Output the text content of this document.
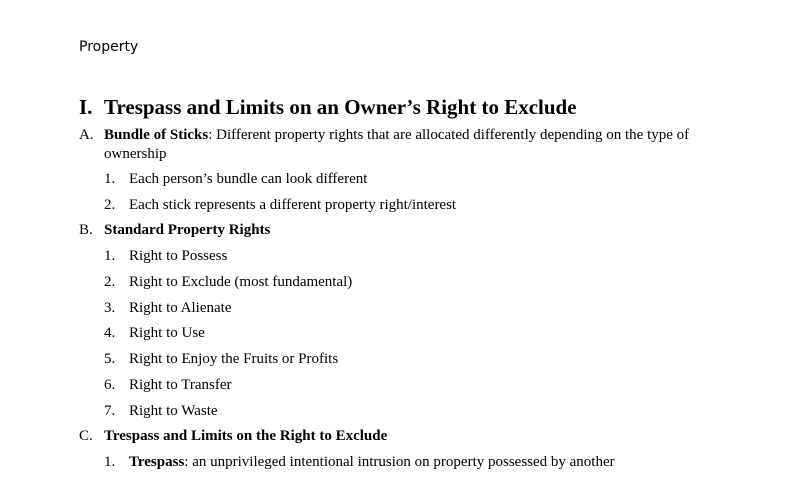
Property
I. Trespass and Limits on an Owner’s Right to Exclude
A. Bundle of Sticks: Different property rights that are allocated differently depending on the type of ownership
1. Each person’s bundle can look different
2. Each stick represents a different property right/interest
B. Standard Property Rights
1. Right to Possess
2. Right to Exclude (most fundamental)
3. Right to Alienate
4. Right to Use
5. Right to Enjoy the Fruits or Profits
6. Right to Transfer
7. Right to Waste
C. Trespass and Limits on the Right to Exclude
1. Trespass: an unprivileged intentional intrusion on property possessed by another
